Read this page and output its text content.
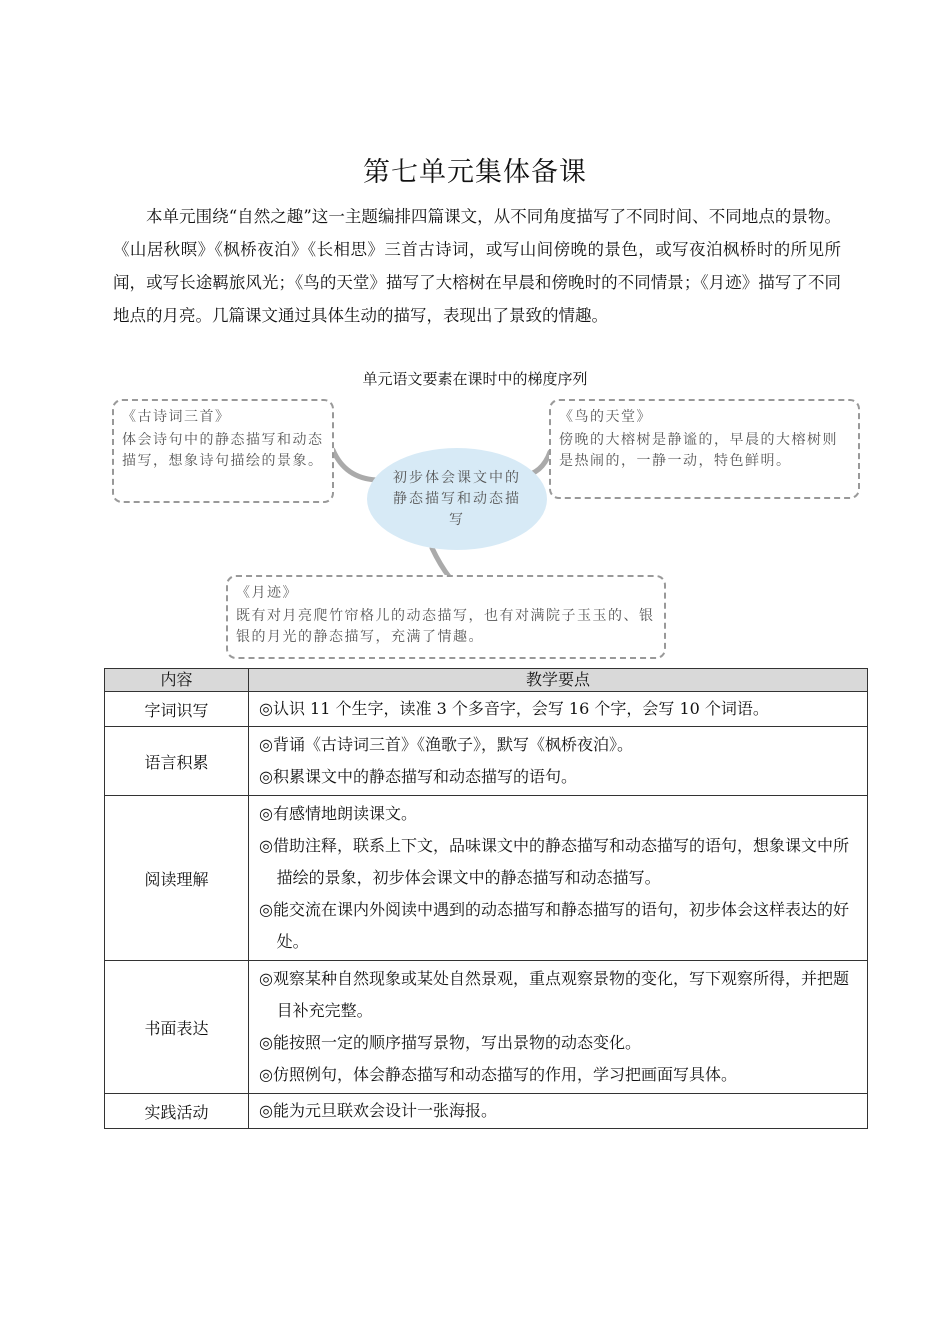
第七单元集体备课

本单元围绕“自然之趣”这一主题编排四篇课文，从不同角度描写了不同时间、不同地点的景物。《山居秋暝》《枫桥夜泊》《长相思》三首古诗词，或写山间傍晚的景色，或写夜泊枫桥时的所见所闻，或写长途羁旅风光；《鸟的天堂》描写了大榕树在早晨和傍晚时的不同情景；《月迹》描写了不同地点的月亮。几篇课文通过具体生动的描写，表现出了景致的情趣。

单元语文要素在课时中的梯度序列
《古诗词三首》
体会诗句中的静态描写和动态描写，想象诗句描绘的景象。
《鸟的天堂》
傍晚的大榕树是静谧的，早晨的大榕树则是热闹的，一静一动，特色鲜明。
初步体会课文中的静态描写和动态描写
《月迹》
既有对月亮爬竹帘格儿的动态描写，也有对满院子玉玉的、银银的月光的静态描写，充满了情趣。
内容	教学要点
字词识写	◎认识 11 个生字，读准 3 个多音字，会写 16 个字，会写 10 个词语。

语言积累	◎背诵《古诗词三首》《渔歌子》，默写《枫桥夜泊》。
◎积累课文中的静态描写和动态描写的语句。

阅读理解	◎有感情地朗读课文。
◎借助注释，联系上下文，品味课文中的静态描写和动态描写的语句，想象课文中所描绘的景象，初步体会课文中的静态描写和动态描写。
◎能交流在课内外阅读中遇到的动态描写和静态描写的语句，初步体会这样表达的好处。

书面表达	◎观察某种自然现象或某处自然景观，重点观察景物的变化，写下观察所得，并把题目补充完整。
◎能按照一定的顺序描写景物，写出景物的动态变化。
◎仿照例句，体会静态描写和动态描写的作用，学习把画面写具体。

实践活动	◎能为元旦联欢会设计一张海报。
